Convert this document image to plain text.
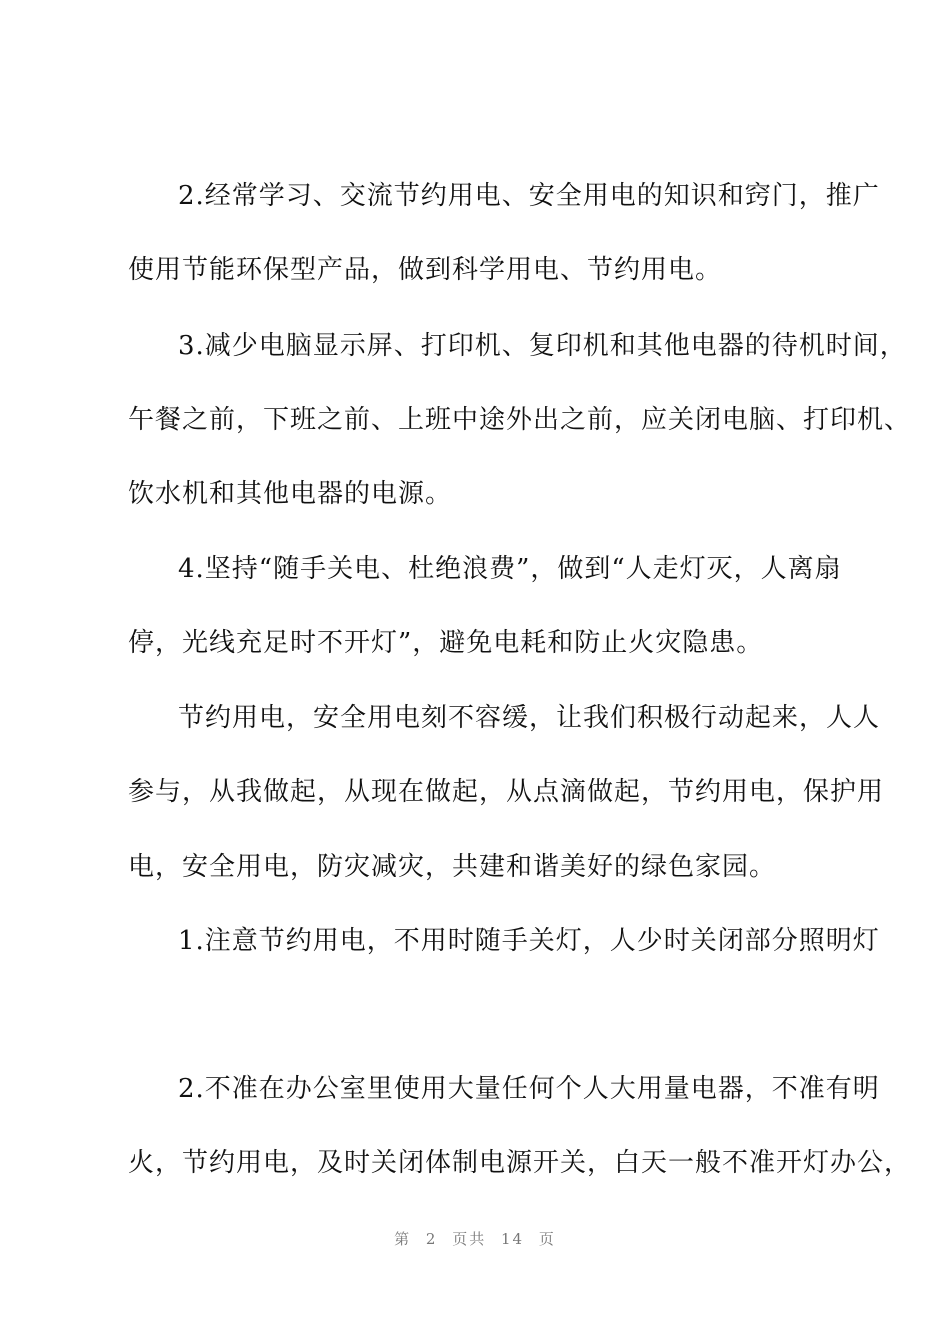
2.经常学习、交流节约用电、安全用电的知识和窍门，推广
使用节能环保型产品，做到科学用电、节约用电。
3.减少电脑显示屏、打印机、复印机和其他电器的待机时间，
午餐之前，下班之前、上班中途外出之前，应关闭电脑、打印机、
饮水机和其他电器的电源。
4.坚持“随手关电、杜绝浪费”，做到“人走灯灭，人离扇
停，光线充足时不开灯”，避免电耗和防止火灾隐患。
节约用电，安全用电刻不容缓，让我们积极行动起来，人人
参与，从我做起，从现在做起，从点滴做起，节约用电，保护用
电，安全用电，防灾减灾，共建和谐美好的绿色家园。
1.注意节约用电，不用时随手关灯，人少时关闭部分照明灯
2.不准在办公室里使用大量任何个人大用量电器，不准有明
火，节约用电，及时关闭体制电源开关，白天一般不准开灯办公，
第 2 页共 14 页
